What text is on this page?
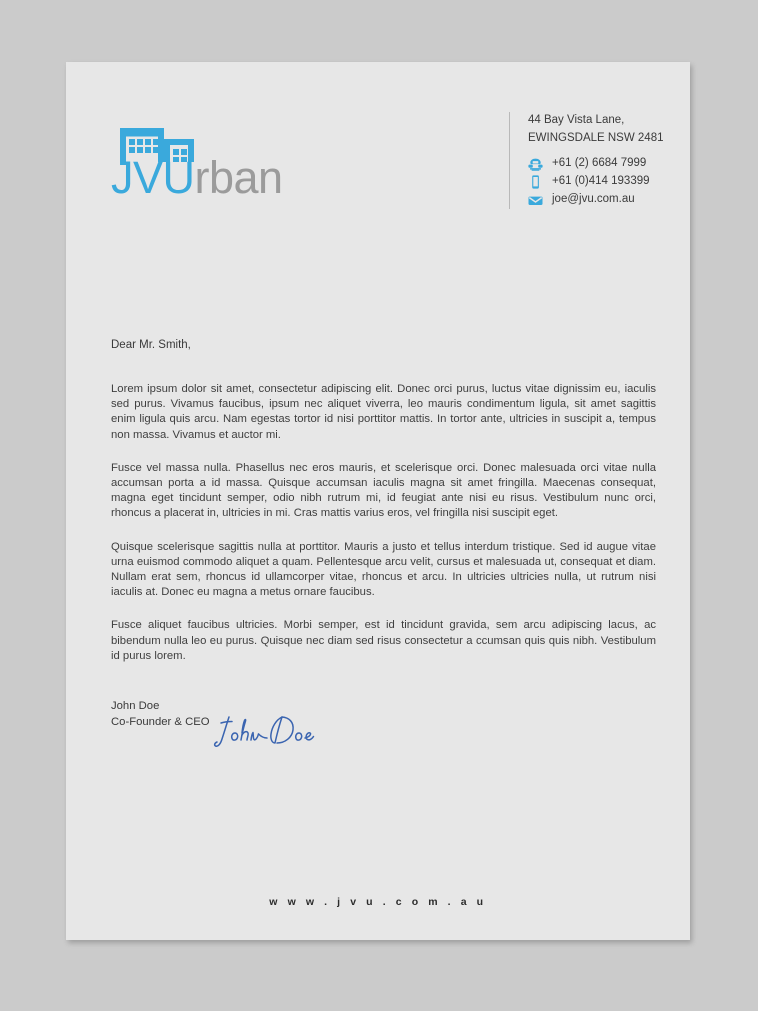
JVUrban
44 Bay Vista Lane,
EWINGSDALE NSW 2481
+61 (2) 6684 7999
+61 (0)414 193399
joe@jvu.com.au
Dear Mr. Smith,

Lorem ipsum dolor sit amet, consectetur adipiscing elit. Donec orci purus, luctus vitae dignissim eu, iaculis sed purus. Vivamus faucibus, ipsum nec aliquet viverra, leo mauris condimentum ligula, sit amet sagittis enim ligula quis arcu. Nam egestas tortor id nisi porttitor mattis. In tortor ante, ultricies in suscipit a, tempus non massa. Vivamus et auctor mi.

Fusce vel massa nulla. Phasellus nec eros mauris, et scelerisque orci. Donec malesuada orci vitae nulla accumsan porta a id massa. Quisque accumsan iaculis magna sit amet fringilla. Maecenas consequat, magna eget tincidunt semper, odio nibh rutrum mi, id feugiat ante nisi eu risus. Vestibulum nunc orci, rhoncus a placerat in, ultricies in mi. Cras mattis varius eros, vel fringilla nisi suscipit eget.

Quisque scelerisque sagittis nulla at porttitor. Mauris a justo et tellus interdum tristique. Sed id augue vitae urna euismod commodo aliquet a quam. Pellentesque arcu velit, cursus et malesuada ut, consequat et diam. Nullam erat sem, rhoncus id ullamcorper vitae, rhoncus et arcu. In ultricies ultricies nulla, ut rutrum nisi iaculis at. Donec eu magna a metus ornare faucibus.

Fusce aliquet faucibus ultricies. Morbi semper, est id tincidunt gravida, sem arcu adipiscing lacus, ac bibendum nulla leo eu purus. Quisque nec diam sed risus consectetur a ccumsan quis quis nibh. Vestibulum id purus lorem.

John Doe
Co-Founder & CEO
w w w . j v u . c o m . a u
